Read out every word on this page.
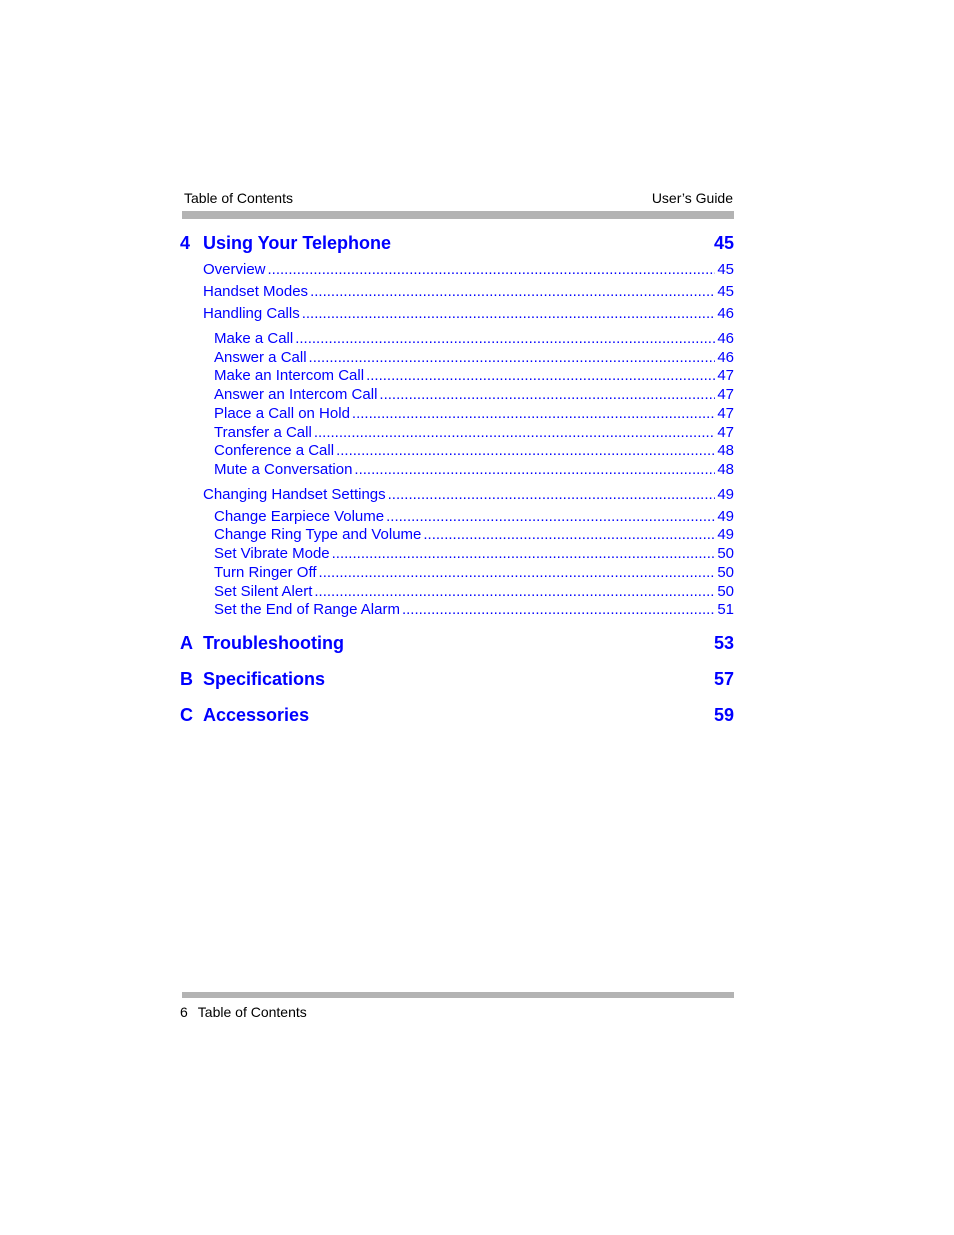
Table of Contents	User’s Guide
4 Using Your Telephone	45
Overview .....	45
Handset Modes .....	45
Handling Calls .....	46
Make a Call .....	46
Answer a Call .....	46
Make an Intercom Call .....	47
Answer an Intercom Call .....	47
Place a Call on Hold .....	47
Transfer a Call .....	47
Conference a Call .....	48
Mute a Conversation .....	48
Changing Handset Settings .....	49
Change Earpiece Volume .....	49
Change Ring Type and Volume .....	49
Set Vibrate Mode .....	50
Turn Ringer Off .....	50
Set Silent Alert .....	50
Set the End of Range Alarm .....	51
A Troubleshooting	53
B Specifications	57
C Accessories	59
6 Table of Contents
